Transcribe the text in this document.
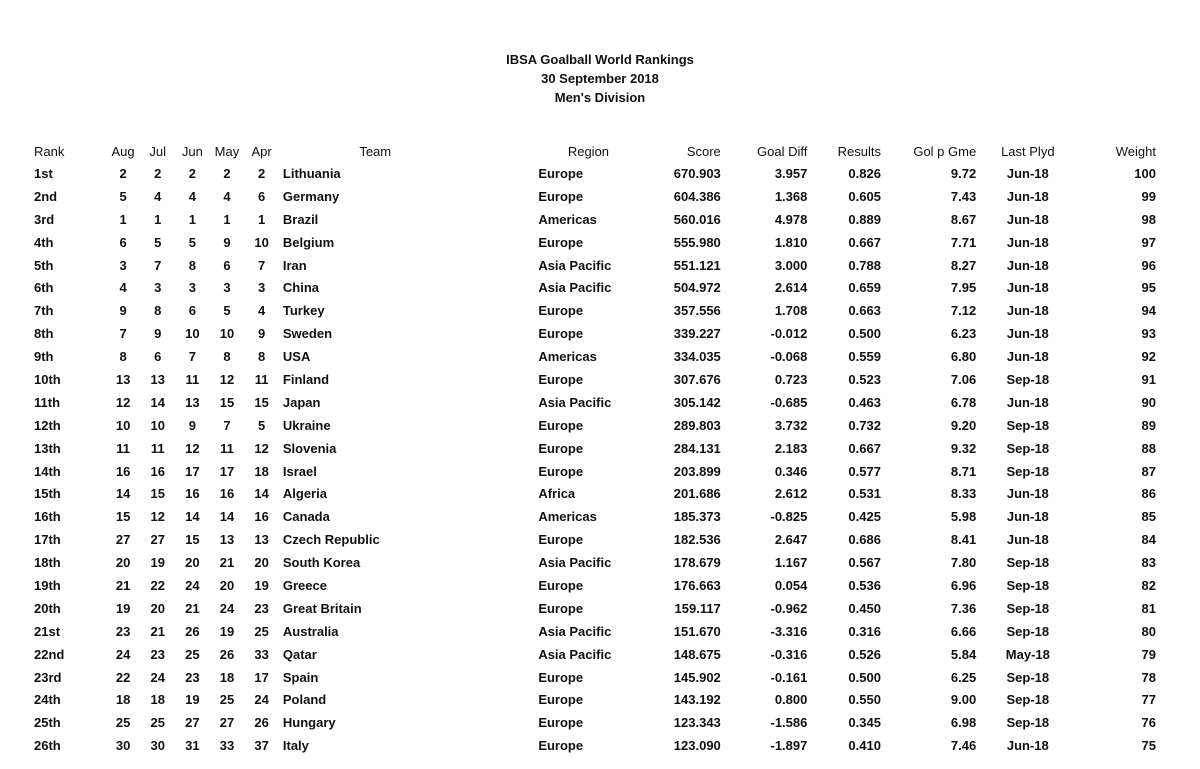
IBSA Goalball World Rankings
30 September 2018
Men's Division
Rank	Aug	Jul	Jun	May	Apr	Team		Region	Score	Goal Diff	Results	Gol p Gme	Last Plyd	Weight
1st	2	2	2	2	2	Lithuania		Europe	670.903	3.957	0.826	9.72	Jun-18	100
2nd	5	4	4	4	6	Germany		Europe	604.386	1.368	0.605	7.43	Jun-18	99
3rd	1	1	1	1	1	Brazil		Americas	560.016	4.978	0.889	8.67	Jun-18	98
4th	6	5	5	9	10	Belgium		Europe	555.980	1.810	0.667	7.71	Jun-18	97
5th	3	7	8	6	7	Iran		Asia Pacific	551.121	3.000	0.788	8.27	Jun-18	96
6th	4	3	3	3	3	China		Asia Pacific	504.972	2.614	0.659	7.95	Jun-18	95
7th	9	8	6	5	4	Turkey		Europe	357.556	1.708	0.663	7.12	Jun-18	94
8th	7	9	10	10	9	Sweden		Europe	339.227	-0.012	0.500	6.23	Jun-18	93
9th	8	6	7	8	8	USA		Americas	334.035	-0.068	0.559	6.80	Jun-18	92
10th	13	13	11	12	11	Finland		Europe	307.676	0.723	0.523	7.06	Sep-18	91
11th	12	14	13	15	15	Japan		Asia Pacific	305.142	-0.685	0.463	6.78	Jun-18	90
12th	10	10	9	7	5	Ukraine		Europe	289.803	3.732	0.732	9.20	Sep-18	89
13th	11	11	12	11	12	Slovenia		Europe	284.131	2.183	0.667	9.32	Sep-18	88
14th	16	16	17	17	18	Israel		Europe	203.899	0.346	0.577	8.71	Sep-18	87
15th	14	15	16	16	14	Algeria		Africa	201.686	2.612	0.531	8.33	Jun-18	86
16th	15	12	14	14	16	Canada		Americas	185.373	-0.825	0.425	5.98	Jun-18	85
17th	27	27	15	13	13	Czech Republic		Europe	182.536	2.647	0.686	8.41	Jun-18	84
18th	20	19	20	21	20	South Korea		Asia Pacific	178.679	1.167	0.567	7.80	Sep-18	83
19th	21	22	24	20	19	Greece		Europe	176.663	0.054	0.536	6.96	Sep-18	82
20th	19	20	21	24	23	Great Britain		Europe	159.117	-0.962	0.450	7.36	Sep-18	81
21st	23	21	26	19	25	Australia		Asia Pacific	151.670	-3.316	0.316	6.66	Sep-18	80
22nd	24	23	25	26	33	Qatar		Asia Pacific	148.675	-0.316	0.526	5.84	May-18	79
23rd	22	24	23	18	17	Spain		Europe	145.902	-0.161	0.500	6.25	Sep-18	78
24th	18	18	19	25	24	Poland		Europe	143.192	0.800	0.550	9.00	Sep-18	77
25th	25	25	27	27	26	Hungary		Europe	123.343	-1.586	0.345	6.98	Sep-18	76
26th	30	30	31	33	37	Italy		Europe	123.090	-1.897	0.410	7.46	Jun-18	75
